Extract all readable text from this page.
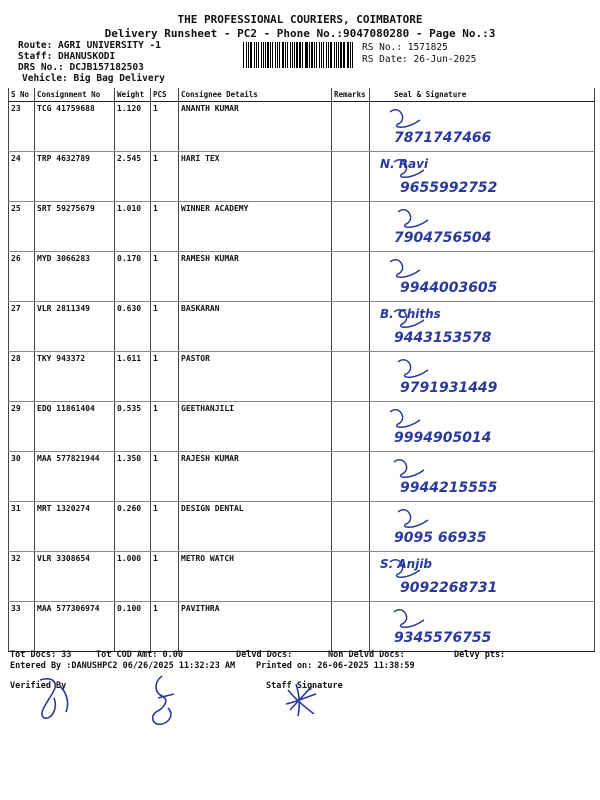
THE PROFESSIONAL COURIERS, COIMBATORE
Delivery Runsheet - PC2 - Phone No.:9047080280 - Page No.:3
Route: AGRI UNIVERSITY -1
Staff: DHANUSKODI
DRS No.: DCJB157182503
Vehicle: Big Bag Delivery
RS No.: 1571825
RS Date: 26-Jun-2025
S No	Consignment No	Weight	PCS	Consignee Details	Remarks	Seal & Signature
23	TCG 41759688	1.120	1	ANANTH KUMAR		7871747466

24	TRP 4632789	2.545	1	HARI TEX		N. Ravi
9655992752

25	SRT 59275679	1.010	1	WINNER ACADEMY		7904756504

26	MYD 3066283	0.170	1	RAMESH KUMAR		9944003605

27	VLR 2811349	0.630	1	BASKARAN		B. Chiths
9443153578

28	TKY 943372	1.611	1	PASTOR		9791931449

29	EDQ 11861404	0.535	1	GEETHANJILI		9994905014

30	MAA 577821944	1.350	1	RAJESH KUMAR		9944215555

31	MRT 1320274	0.260	1	DESIGN DENTAL		9095 66935

32	VLR 3308654	1.000	1	METRO WATCH		S. Anjib
9092268731

33	MAA 577306974	0.100	1	PAVITHRA		9345576755
Tot Docs: 33	Tot COD Amt: 0.00	Delvd Docs:	Non Delvd Docs:	Delvy pts:
Entered By :DANUSHPC2 06/26/2025 11:32:23 AM Printed on: 26-06-2025 11:38:59
Verified By	Staff Signature
